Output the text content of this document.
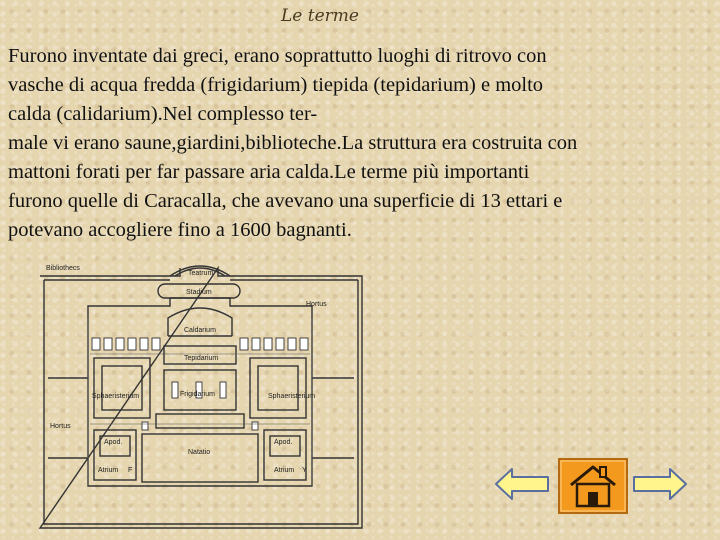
Le terme
Furono inventate dai greci, erano soprattutto luoghi di ritrovo con
vasche di acqua fredda (frigidarium) tiepida (tepidarium) e molto
calda (calidarium).Nel complesso ter-
male vi erano saune,giardini,biblioteche.La struttura era costruita con
mattoni forati per far passare aria calda.Le terme più importanti
furono quelle di Caracalla, che avevano una superficie di 13 ettari e
potevano accogliere fino a 1600 bagnanti.
Bibliothecs
Teatrum
Stadium
Hortus
Caldarium
Tepidarium
Frigidarium
Sphaeristerium	Sphaeristerium
Hortus
Apod.
Atrium F
Apod.
Atrium Y
Natatio
